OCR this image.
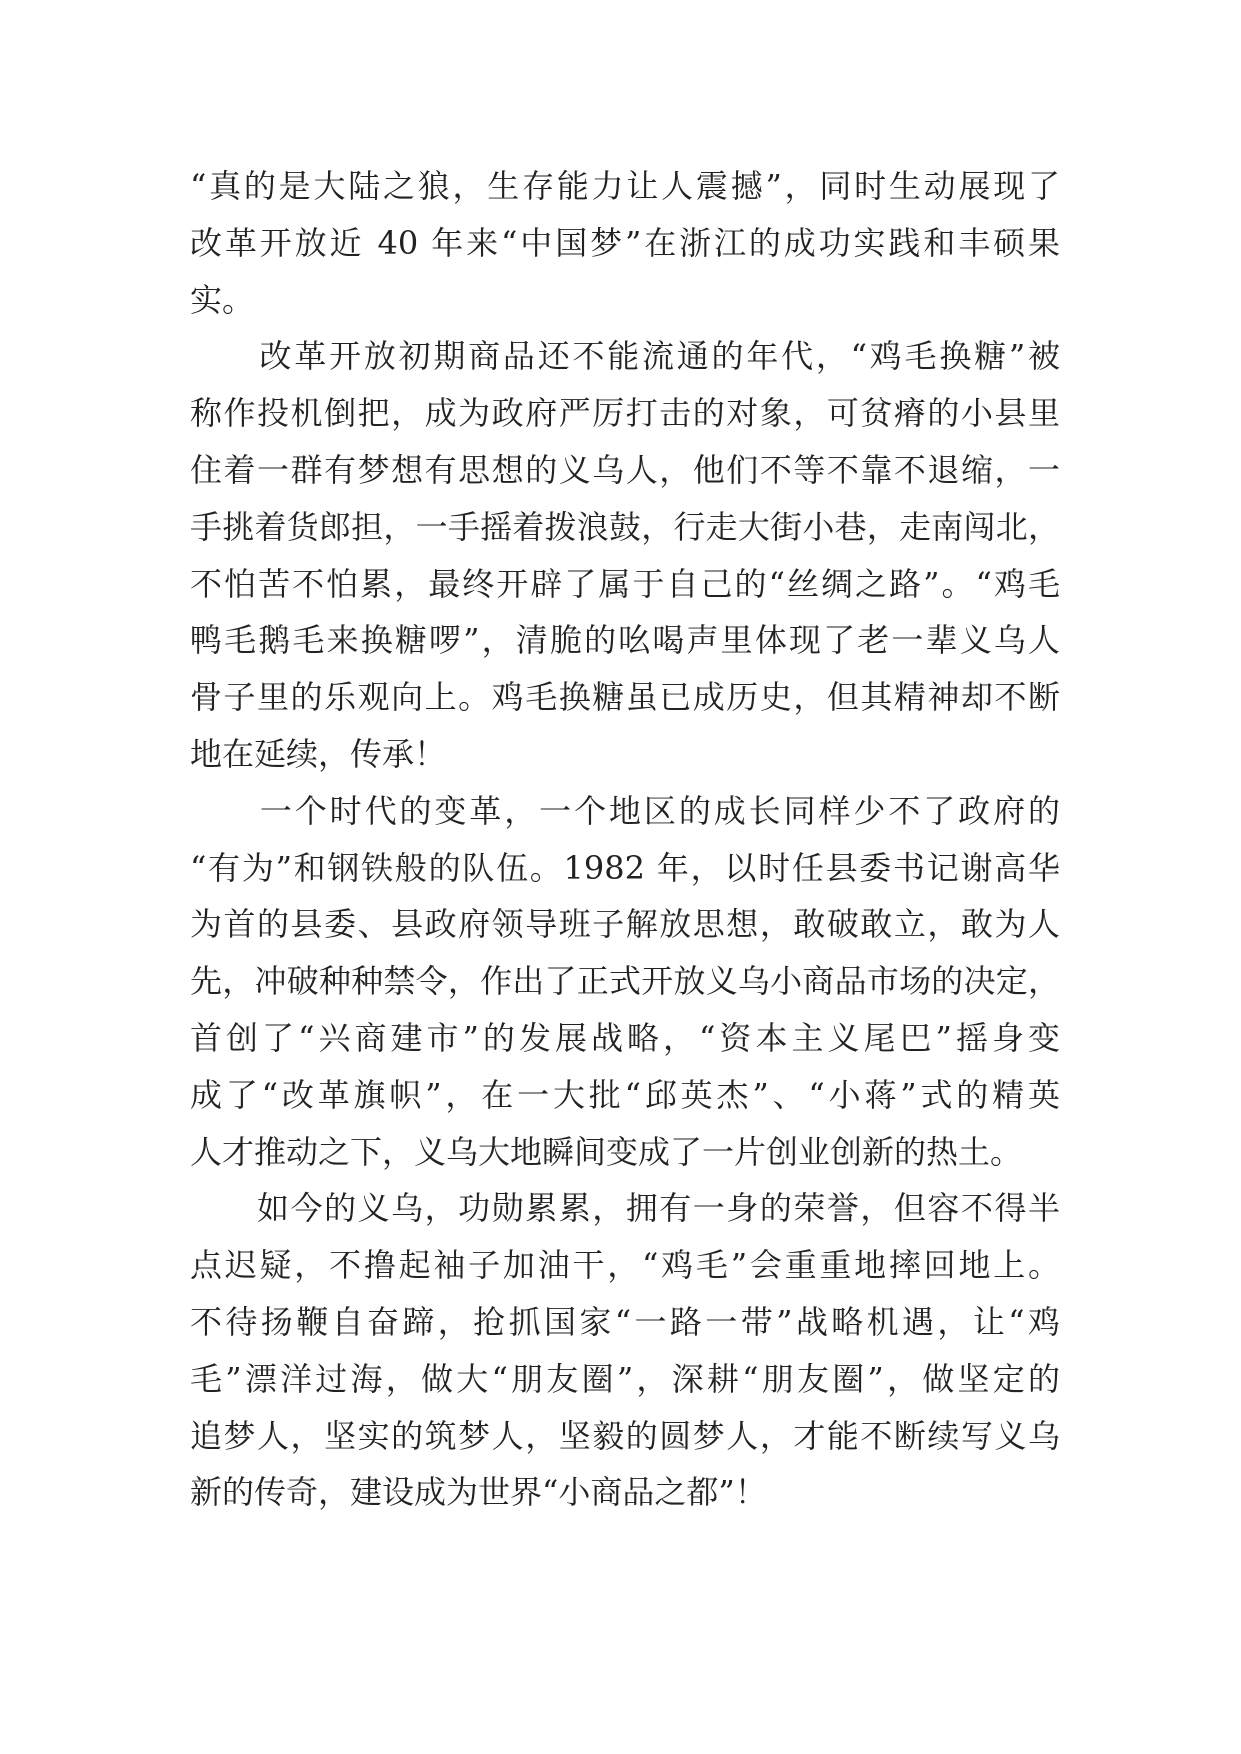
“真的是大陆之狼，生存能力让人震撼”，同时生动展现了
改革开放近 40 年来“中国梦”在浙江的成功实践和丰硕果
实。
　　改革开放初期商品还不能流通的年代，“鸡毛换糖”被
称作投机倒把，成为政府严厉打击的对象，可贫瘠的小县里
住着一群有梦想有思想的义乌人，他们不等不靠不退缩，一
手挑着货郎担，一手摇着拨浪鼓，行走大街小巷，走南闯北，
不怕苦不怕累，最终开辟了属于自己的“丝绸之路”。“鸡毛
鸭毛鹅毛来换糖啰”，清脆的吆喝声里体现了老一辈义乌人
骨子里的乐观向上。鸡毛换糖虽已成历史，但其精神却不断
地在延续，传承！
　　一个时代的变革，一个地区的成长同样少不了政府的
“有为”和钢铁般的队伍。1982 年，以时任县委书记谢高华
为首的县委、县政府领导班子解放思想，敢破敢立，敢为人
先，冲破种种禁令，作出了正式开放义乌小商品市场的决定，
首创了“兴商建市”的发展战略，“资本主义尾巴”摇身变
成了“改革旗帜”，在一大批“邱英杰”、“小蒋”式的精英
人才推动之下，义乌大地瞬间变成了一片创业创新的热土。
　　如今的义乌，功勋累累，拥有一身的荣誉，但容不得半
点迟疑，不撸起袖子加油干，“鸡毛”会重重地摔回地上。
不待扬鞭自奋蹄，抢抓国家“一路一带”战略机遇，让“鸡
毛”漂洋过海，做大“朋友圈”，深耕“朋友圈”，做坚定的
追梦人，坚实的筑梦人，坚毅的圆梦人，才能不断续写义乌
新的传奇，建设成为世界“小商品之都”！
